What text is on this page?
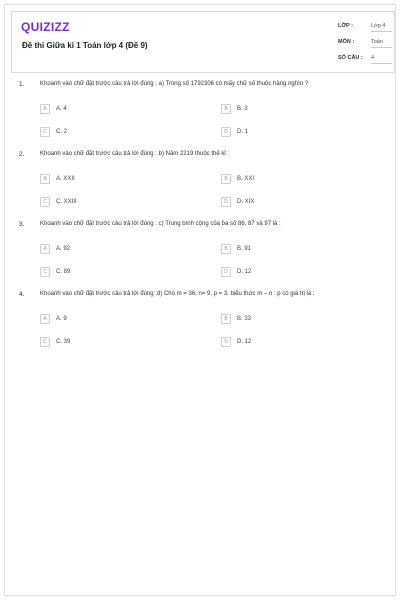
QUIZIZZ
Đề thi Giữa kì 1 Toán lớp 4 (Đề 9)
LỚP :	Lớp 4
MÔN :	Toán
SỐ CÂU : 4
1.	Khoanh vào chữ đặt trước câu trả lời đúng : a) Trong số 1792306 có mấy chữ số thuộc hàng nghìn ?
A	A. 4	B	B. 3
C	C. 2	D	D. 1
2.	Khoanh vào chữ đặt trước câu trả lời đúng : b) Năm 2219 thuộc thế kỉ :
A	A. XXII	B	B. XXI
C	C. XXIII	D	D. XIX
3.	Khoanh vào chữ đặt trước câu trả lời đúng : c) Trung bình cộng của ba số 86, 87 và 97 là :
A	A. 92	B	B. 91
C	C. 89	D	D. 12
4.	Khoanh vào chữ đặt trước câu trả lời đúng :d) Cho m = 36, n= 9, p = 3, biểu thức m – n : p có giá trị là :
A	A. 9	B	B. 33
C	C. 39	D	D. 12
